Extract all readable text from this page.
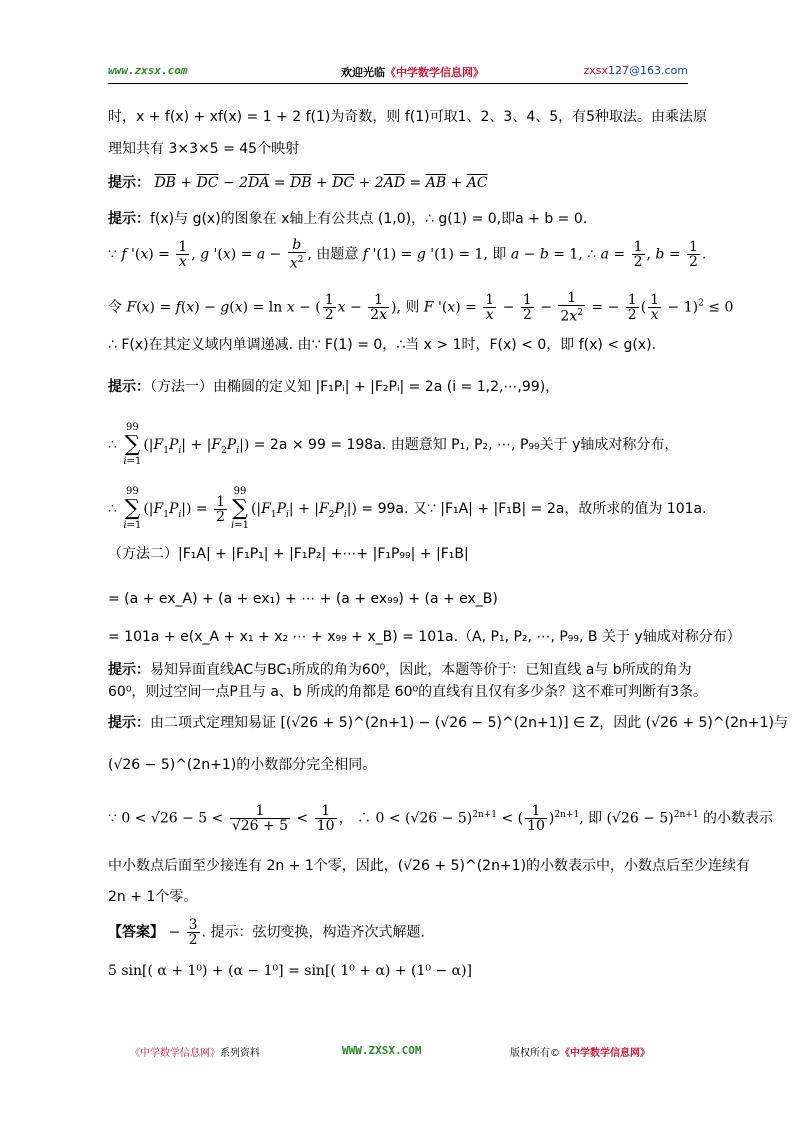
www.zxsx.com	欢迎光临《中学数学信息网》	zxsx127@163.com
时，x + f(x) + xf(x) = 1 + 2 f(1)为奇数，则 f(1)可取1、2、3、4、5，有5种取法。由乘法原
理知共有 3×3×5 = 45个映射
提示： $\overline{DB} + \overline{DC} - 2\overline{DA} = \overline{DB} + \overline{DC} + 2\overline{AD} = \overline{AB} + \overline{AC}$
提示：f(x)与 g(x)的图象在 x轴上有公共点 (1,0)，∴ g(1) = 0,即a + b = 0.
∵ f '$(x) = \frac{1}{x}$ , g '$(x) = a - \frac{b}{x^2}$ , 由题意 f '(1) = g '(1) = 1, 即 a − b = 1, ∴ $a = \frac{1}{2}$ , $b = \frac{1}{2}$ .
令 F(x) = f(x) − g(x) = ln x − ( $\frac{1}{2}$ $x - \frac{1}{2x}$ ), 则 F '$(x) = \frac{1}{x} - \frac{1}{2} - \frac{1}{2x^2}$ = − $\frac{1}{2}$ ( $\frac{1}{x} - 1)^2 \le 0$
∴ F(x)在其定义域内单调递减. 由∵ F(1) = 0，∴当 x > 1时，F(x) < 0，即 f(x) < g(x).
提示：（方法一）由椭圆的定义知 |F₁Pᵢ| + |F₂Pᵢ| = 2a (i = 1,2,⋯,99)，
∴ 99
∑
$i=1(|F_1P_i| + |F_2P_i|) = 2a \times 99 = 198a$. 由题意知 P₁, P₂, ⋯, P₉₉关于 y轴成对称分布，
∴ 99
∑
$i=1(|F_1P_i|) = \frac{1}{2}$
99
∑
$i=1(|F_1P_i| + |F_2P_i|) = 99a$. 又∵ |F₁A| + |F₁B| = 2a，故所求的值为 101a.
（方法二）|F₁A| + |F₁P₁| + |F₁P₂| +⋯+ |F₁P₉₉| + |F₁B|
= (a + ex_A) + (a + ex₁) + ⋯ + (a + ex₉₉) + (a + ex_B)
= 101a + e(x_A + x₁ + x₂ ⋯ + x₉₉ + x_B) = 101a.（A, P₁, P₂, ⋯, P₉₉, B 关于 y轴成对称分布）
提示：易知异面直线AC与BC₁所成的角为60⁰，因此，本题等价于：已知直线 a与 b所成的角为
60⁰，则过空间一点P且与 a、b 所成的角都是 60⁰的直线有且仅有多少条？这不难可判断有3条。
提示：由二项式定理知易证 [(√26 + 5)^(2n+1) − (√26 − 5)^(2n+1)] ∈ Z，因此 (√26 + 5)^(2n+1)与
(√26 − 5)^(2n+1)的小数部分完全相同。
∵ $0 < √26 - 5 < \frac{1}{√26 + 5} < \frac{1}{10}$ ， ∴ $0 < (√26 - 5)^{2n+1}$ < ( $\frac{1}{10} )^{2n+1}$, 即 $(√26 - 5)^{2n+1}$ 的小数表示
中小数点后面至少接连有 2n + 1个零，因此，(√26 + 5)^(2n+1)的小数表示中，小数点后至少连续有
2n + 1个零。
【答案】 − $\frac{3}{2}$ . 提示：弦切变换，构造齐次式解题.
5 sin[( α + 1⁰) + (α − 1⁰] = sin[( 1⁰ + α) + (1⁰ − α)]
《中学数学信息网》系列资料	WWW.ZXSX.COM	版权所有©《中学数学信息网》
